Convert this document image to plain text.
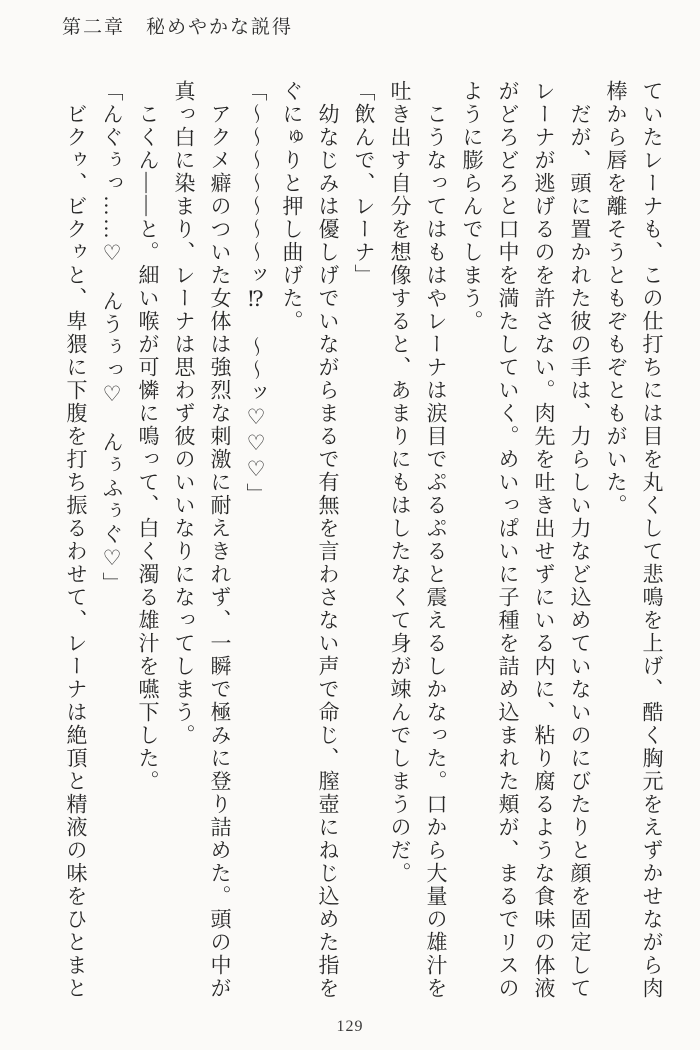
第二章　秘めやかな説得

ていたレーナも、この仕打ちには目を丸くして悲鳴を上げ、酷く胸元をえずかせながら肉棒から唇を離そうともぞもぞともがいた。

　だが、頭に置かれた彼の手は、力らしい力など込めていないのにびたりと顔を固定してレーナが逃げるのを許さない。肉先を吐き出せずにいる内に、粘り腐るような食味の体液がどろどろと口中を満たしていく。めいっぱいに子種を詰め込まれた頬が、まるでリスのように膨らんでしまう。

　こうなってはもはやレーナは涙目でぷるぷると震えるしかなった。口から大量の雄汁を吐き出す自分を想像すると、あまりにもはしたなくて身が竦んでしまうのだ。

「飲んで、レーナ」

　幼なじみは優しげでいながらまるで有無を言わさない声で命じ、膣壺にねじ込めた指をぐにゅりと押し曲げた。

「～～～～～～～ッ⁉　～～ッ♡♡♡」

　アクメ癖のついた女体は強烈な刺激に耐えきれず、一瞬で極みに登り詰めた。頭の中が真っ白に染まり、レーナは思わず彼のいいなりになってしまう。

　こくん――と。細い喉が可憐に鳴って、白く濁る雄汁を嚥下した。

「んぐぅっ……♡　んうぅっ♡　んぅふぅぐ♡」

　ビクゥ、ビクゥと、卑猥に下腹を打ち振るわせて、レーナは絶頂と精液の味をひとまと

129
